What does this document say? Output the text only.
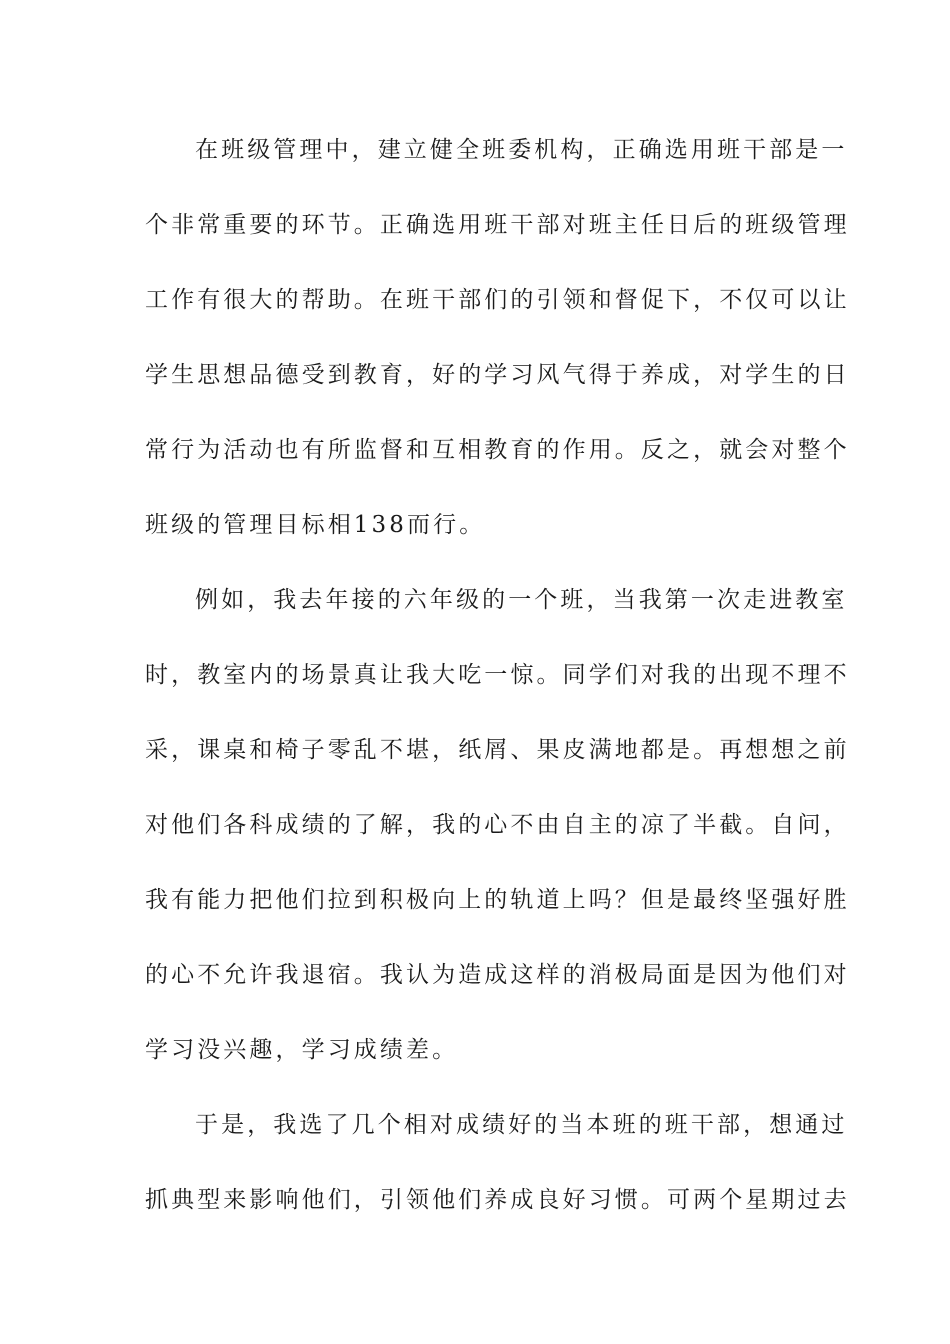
在班级管理中，建立健全班委机构，正确选用班干部是一
个非常重要的环节。正确选用班干部对班主任日后的班级管理
工作有很大的帮助。在班干部们的引领和督促下，不仅可以让
学生思想品德受到教育，好的学习风气得于养成，对学生的日
常行为活动也有所监督和互相教育的作用。反之，就会对整个
班级的管理目标相138而行。
例如，我去年接的六年级的一个班，当我第一次走进教室
时，教室内的场景真让我大吃一惊。同学们对我的出现不理不
采，课桌和椅子零乱不堪，纸屑、果皮满地都是。再想想之前
对他们各科成绩的了解，我的心不由自主的凉了半截。自问，
我有能力把他们拉到积极向上的轨道上吗？但是最终坚强好胜
的心不允许我退宿。我认为造成这样的消极局面是因为他们对
学习没兴趣，学习成绩差。
于是，我选了几个相对成绩好的当本班的班干部，想通过
抓典型来影响他们，引领他们养成良好习惯。可两个星期过去
